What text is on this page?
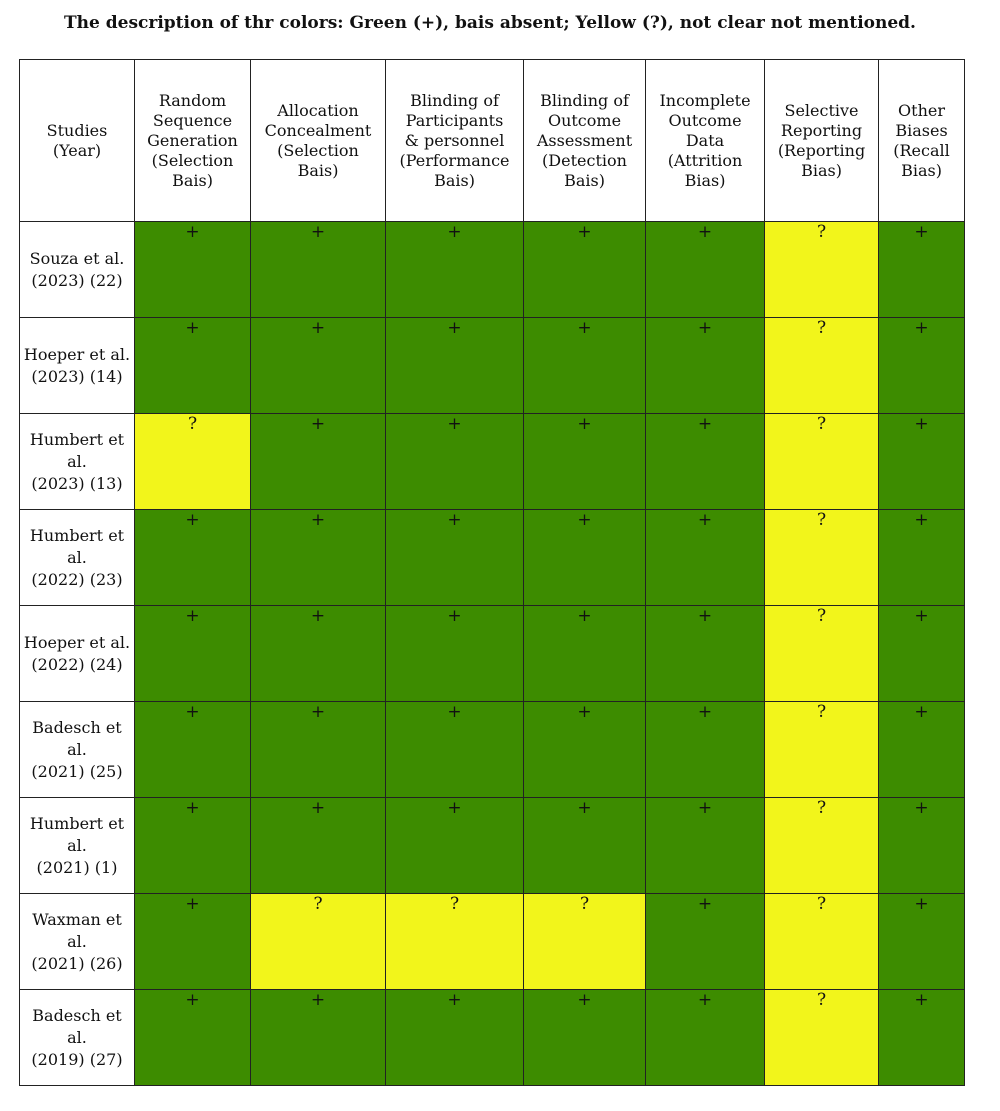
The description of thr colors: Green (+), bais absent; Yellow (?), not clear not mentioned.
Studies (Year)	Random
Sequence
Generation
(Selection
Bais)	Allocation
Concealment
(Selection
Bais)	Blinding of
Participants
& personnel
(Performance
Bais)	Blinding of
Outcome
Assessment
(Detection
Bais)	Incomplete
Outcome
Data
(Attrition
Bias)	Selective
Reporting
(Reporting
Bias)	Other
Biases
(Recall
Bias)
Souza et al.
(2023) (22)	+	+	+	+	+	?	+
Hoeper et al.
(2023) (14)	+	+	+	+	+	?	+
Humbert et al.
(2023) (13)	?	+	+	+	+	?	+
Humbert et al.
(2022) (23)	+	+	+	+	+	?	+
Hoeper et al.
(2022) (24)	+	+	+	+	+	?	+
Badesch et al.
(2021) (25)	+	+	+	+	+	?	+
Humbert et al.
(2021) (1)	+	+	+	+	+	?	+
Waxman et al.
(2021) (26)	+	?	?	?	+	?	+
Badesch et al.
(2019) (27)	+	+	+	+	+	?	+
